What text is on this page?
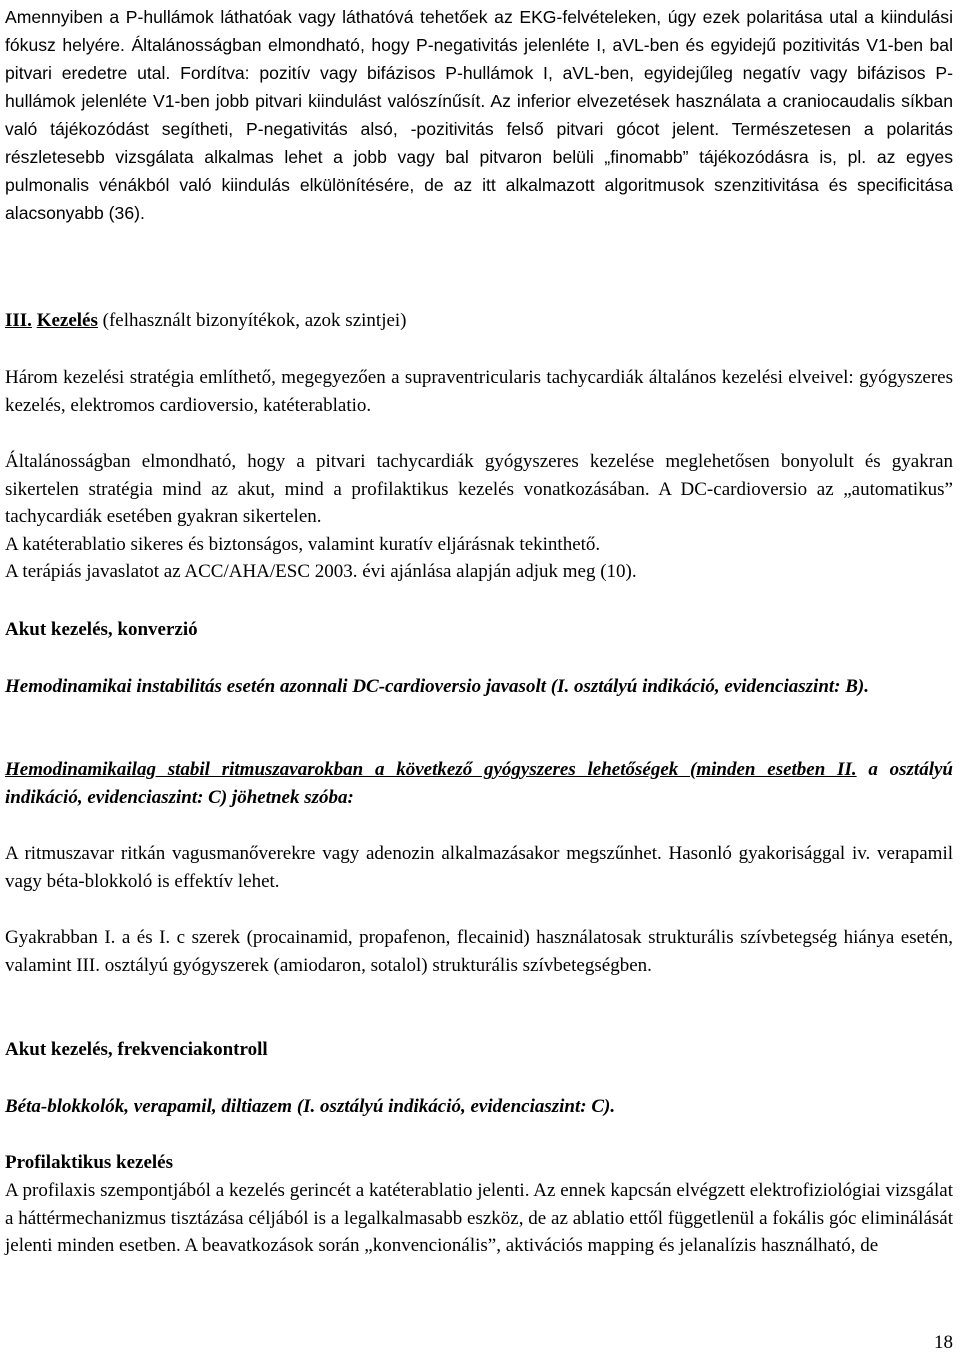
Amennyiben a P-hullámok láthatóak vagy láthatóvá tehetőek az EKG-felvételeken, úgy ezek polaritása utal a kiindulási fókusz helyére. Általánosságban elmondható, hogy P-negativitás jelenléte I, aVL-ben és egyidejű pozitivitás V1-ben bal pitvari eredetre utal. Fordítva: pozitív vagy bifázisos P-hullámok I, aVL-ben, egyidejűleg negatív vagy bifázisos P-hullámok jelenléte V1-ben jobb pitvari kiindulást valószínűsít. Az inferior elvezetések használata a craniocaudalis síkban való tájékozódást segítheti, P-negativitás alsó, -pozitivitás felső pitvari gócot jelent. Természetesen a polaritás részletesebb vizsgálata alkalmas lehet a jobb vagy bal pitvaron belüli „finomabb” tájékozódásra is, pl. az egyes pulmonalis vénákból való kiindulás elkülönítésére, de az itt alkalmazott algoritmusok szenzitivitása és specificitása alacsonyabb (36).
III. Kezelés (felhasznált bizonyítékok, azok szintjei)
Három kezelési stratégia említhető, megegyezően a supraventricularis tachycardiák általános kezelési elveivel: gyógyszeres kezelés, elektromos cardioversio, katéterablatio.
Általánosságban elmondható, hogy a pitvari tachycardiák gyógyszeres kezelése meglehetősen bonyolult és gyakran sikertelen stratégia mind az akut, mind a profilaktikus kezelés vonatkozásában. A DC-cardioversio az „automatikus” tachycardiák esetében gyakran sikertelen.
A katéterablatio sikeres és biztonságos, valamint kuratív eljárásnak tekinthető.
A terápiás javaslatot az ACC/AHA/ESC 2003. évi ajánlása alapján adjuk meg (10).
Akut kezelés, konverzió
Hemodinamikai instabilitás esetén azonnali DC-cardioversio javasolt (I. osztályú indikáció, evidenciaszint: B).
Hemodinamikailag stabil ritmuszavarokban a következő gyógyszeres lehetőségek (minden esetben II. a osztályú indikáció, evidenciaszint: C) jöhetnek szóba:
A ritmuszavar ritkán vagusmanőverekre vagy adenozin alkalmazásakor megszűnhet. Hasonló gyakorisággal iv. verapamil vagy béta-blokkoló is effektív lehet.
Gyakrabban I. a és I. c szerek (procainamid, propafenon, flecainid) használatosak strukturális szívbetegség hiánya esetén, valamint III. osztályú gyógyszerek (amiodaron, sotalol) strukturális szívbetegségben.
Akut kezelés, frekvenciakontroll
Béta-blokkolók, verapamil, diltiazem (I. osztályú indikáció, evidenciaszint: C).
Profilaktikus kezelés
A profilaxis szempontjából a kezelés gerincét a katéterablatio jelenti. Az ennek kapcsán elvégzett elektrofiziológiai vizsgálat a háttérmechanizmus tisztázása céljából is a legalkalmasabb eszköz, de az ablatio ettől függetlenül a fokális góc eliminálását jelenti minden esetben. A beavatkozások során „konvencionális”, aktivációs mapping és jelanalízis használható, de
18
